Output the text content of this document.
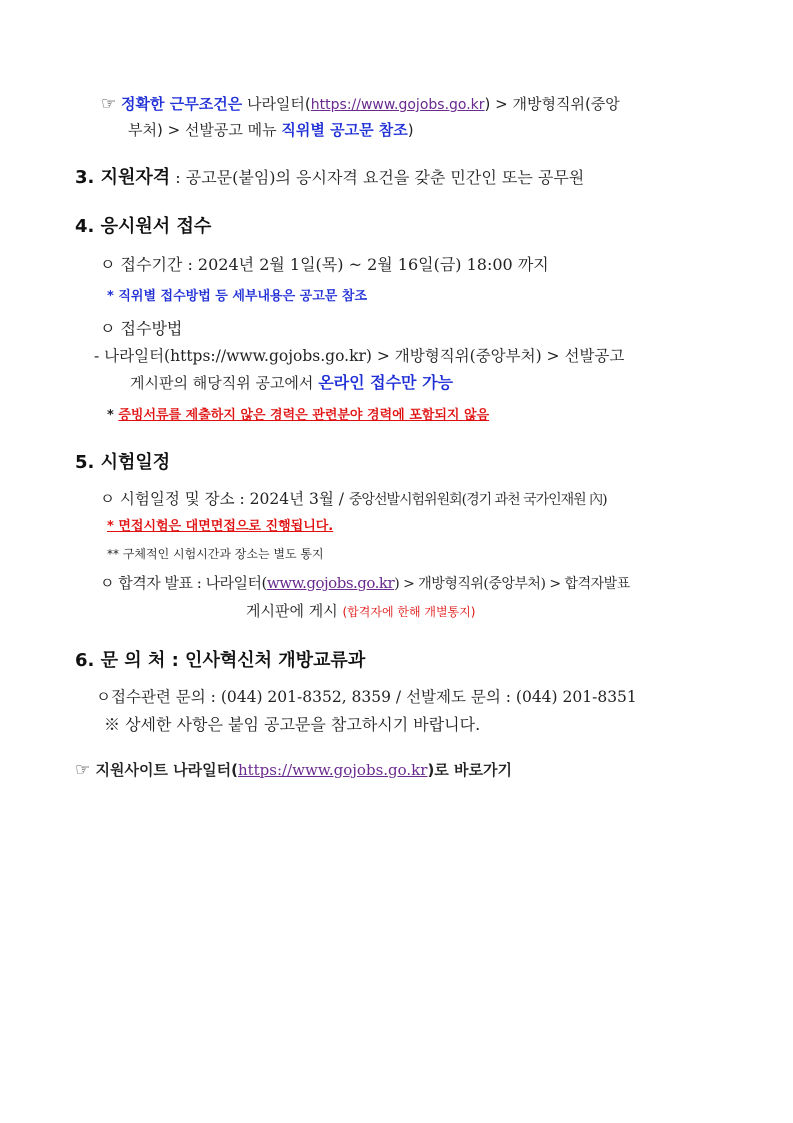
☞ 정확한 근무조건은 나라일터(https://www.gojobs.go.kr) > 개방형직위(중앙
부처) > 선발공고 메뉴 직위별 공고문 참조)
3. 지원자격 : 공고문(붙임)의 응시자격 요건을 갖춘 민간인 또는 공무원
4. 응시원서 접수
ㅇ 접수기간 : 2024년 2월 1일(목) ~ 2월 16일(금) 18:00 까지
* 직위별 접수방법 등 세부내용은 공고문 참조
ㅇ 접수방법
- 나라일터(https://www.gojobs.go.kr) > 개방형직위(중앙부처) > 선발공고
게시판의 해당직위 공고에서 온라인 접수만 가능
* 증빙서류를 제출하지 않은 경력은 관련분야 경력에 포함되지 않음
5. 시험일정
ㅇ 시험일정 및 장소 : 2024년 3월 / 중앙선발시험위원회(경기 과천 국가인재원 內)
* 면접시험은 대면면접으로 진행됩니다.
** 구체적인 시험시간과 장소는 별도 통지
ㅇ 합격자 발표 : 나라일터(www.gojobs.go.kr) > 개방형직위(중앙부처) > 합격자발표
게시판에 게시 (합격자에 한해 개별통지)
6. 문 의 처 : 인사혁신처 개방교류과
ㅇ접수관련 문의 : (044) 201-8352, 8359 / 선발제도 문의 : (044) 201-8351
※ 상세한 사항은 붙임 공고문을 참고하시기 바랍니다.
☞ 지원사이트 나라일터(https://www.gojobs.go.kr)로 바로가기
